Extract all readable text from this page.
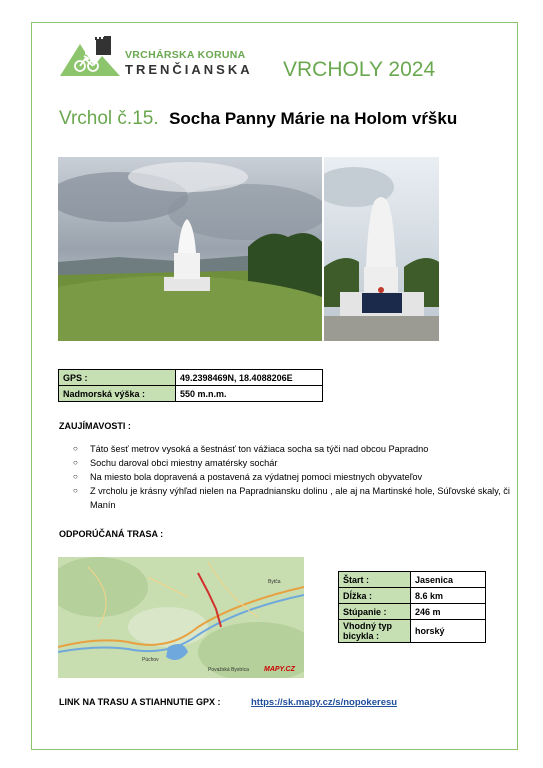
VRCHÁRSKA KORUNA
TRENČIANSKA VRCHOLY 2024
Vrchol č.15. Socha Panny Márie na Holom vŕšku
GPS :	49.2398469N, 18.4088206E
Nadmorská výška :	550 m.n.m.
ZAUJÍMAVOSTI :
○ Táto šesť metrov vysoká a šestnásť ton vážiaca socha sa týči nad obcou Papradno
○ Sochu daroval obci miestny amatérsky sochár
○ Na miesto bola dopravená a postavená za výdatnej pomoci miestnych obyvateľov
○ Z vrcholu je krásny výhľad nielen na Papradniansku dolinu , ale aj na Martinské hole, Súľovské skaly, či Manín
ODPORÚČANÁ TRASA :
Bytča
Púchov
Považská Bystrica MAPY.CZ
Štart :	Jasenica
Dĺžka :	8.6 km
Stúpanie :	246 m
Vhodný typ bicykla :	horský
LINK NA TRASU A STIAHNUTIE GPX :	https://sk.mapy.cz/s/nopokeresu
